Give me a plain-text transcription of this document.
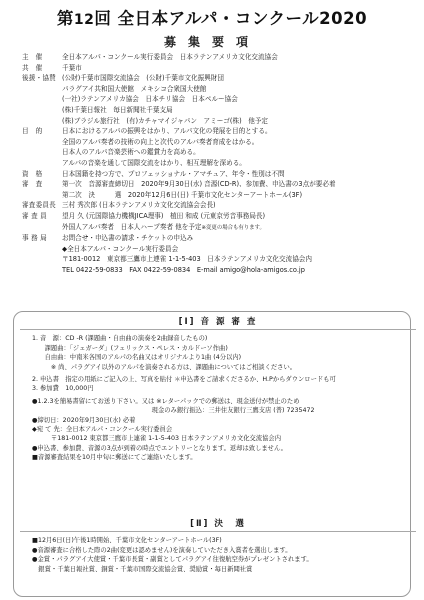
第12回 全日本アルパ・コンクール2020
募集要項
主　催	全日本アルパ・コンクール実行委員会　日本ラテンアメリカ文化交流協会
共　催	千葉市
後援・協賛 (公財)千葉市国際交流協会　(公財)千葉市文化振興財団
パラグアイ共和国大使館　メキシコ合衆国大使館
(一社)ラテンアメリカ協会　日本チリ協会　日本ペルー協会
(株)千葉日報社　毎日新聞社千葉支局
(株)ブラジル旅行社　(有)カチャマイジャパン　アミーゴ(株)　他予定
目　的	日本におけるアルパの振興をはかり、アルパ文化の発展を目的とする。
全国のアルパ奏者の技術の向上と次代のアルパ奏者育成をはかる。
日本人のアルパ音楽芸術への鑑賞力を高める。
アルパの音楽を通して国際交流をはかり、相互理解を深める。
資　格	日本国籍を持つ方で、プロフェッショナル・アマチュア、年令・性別は不問
審　査	第一次　音源審査締切日　2020年9月30日(水) 音源(CD-R)、参加費、申込書の3点が要必着
第二次　決　　　選　2020年12月6日(日) 千葉市文化センターアートホール(3F)
審査委員長 三村 秀次郎 (日本ラテンアメリカ文化交流協会会長)
審 査 員	望月 久 (元国際協力機構JICA理事)　植田 和成 (元東京労音事務局長)
外国人アルパ奏者　日本人ハープ奏者 他を予定※変更の場合も有ります。
事 務 局	お問合せ・申込書の請求・チケットの申込み
◆全日本アルパ・コンクール実行委員会
〒181-0012　東京都三鷹市上連雀 1-1-5-403　日本ラテンアメリカ文化交流協会内
TEL 0422-59-0833　FAX 0422-59-0834　E-mail amigo@hola-amigos.co.jp
[Ⅰ] 音 源 審 査
1. 音　源：CD -R (課題曲・自由曲の演奏を2曲録音したもの)
　　課題曲：「ジェガーダ」(フェリックス・ペレス・カルドーソ作曲)
　　自由曲：中南米各国のアルパの名曲又はオリジナルより1曲 (4分以内)
　　　※ 尚、パラグアイ以外のアルパを演奏される方は、課題曲についてはご相談ください。
2. 申込書　指定の用紙にご記入の上、写真を貼付 ＊申込書をご請求くださるか、H.Pからダウンロードも可
3. 参加費　10,000円
●1.2.3を簡易書留にてお送り下さい。又は ※レターパックでの郵送は、現金送付が禁止のため
　　　　　　　　　　　　　　　　　　　現金のみ銀行振込：三井住友銀行三鷹支店 (普) 7235472
●締切日：2020年9月30日(水) 必着
◆宛 て 先：全日本アルパ・コンクール実行委員会
　　　〒181-0012 東京都三鷹市上連雀 1-1-5-403 日本ラテンアメリカ文化交流協会内
●申込書、参加費、音源の3点が到着の時点でエントリーとなります。返却は致しません。
■音源審査結果を10月中旬に郵送にてご連絡いたします。
[Ⅱ] 決　選
■12月6日(日)午後1時開始、千葉市文化センターアートホール(3F)
●音源審査に合格した際の2曲(変更は認めません)を演奏していただき入賞者を選出します。
●金賞・パラグアイ大使賞・千葉市長賞・副賞としてパラグアイ往復航空券がプレゼントされます。
　銀賞・千葉日報社賞、銅賞・千葉市国際交流協会賞、奨励賞・毎日新聞社賞
